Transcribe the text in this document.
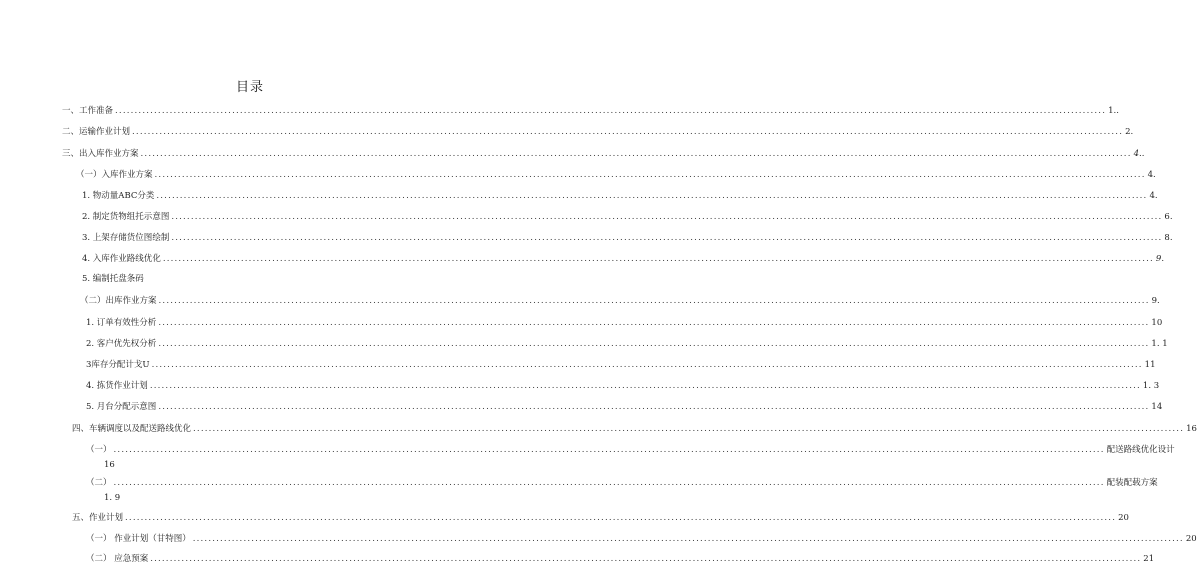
目录
一、工作准备 .............................................................................................................................................................................................................................................................. 1..
二、运输作业计划 .............................................................................................................................................................................................................................................................. 2.
三、出入库作业方案 .............................................................................................................................................................................................................................................................. 4..
（一）入库作业方案 .............................................................................................................................................................................................................................................................. 4.
1. 物动量ABC分类 .............................................................................................................................................................................................................................................................. 4.
2. 制定货物组托示意图 .............................................................................................................................................................................................................................................................. 6.
3. 上架存储货位图绘制 .............................................................................................................................................................................................................................................................. 8.
4. 入库作业路线优化 .............................................................................................................................................................................................................................................................. 9.
5. 编制托盘条码
（二）出库作业方案 .............................................................................................................................................................................................................................................................. 9.
1. 订单有效性分析 .............................................................................................................................................................................................................................................................. 10
2. 客户优先权分析 .............................................................................................................................................................................................................................................................. 1. 1
3库存分配计戈U .............................................................................................................................................................................................................................................................. 11
4. 拣货作业计划 .............................................................................................................................................................................................................................................................. 1. 3
5. 月台分配示意图 .............................................................................................................................................................................................................................................................. 14
四、车辆调度以及配送路线优化 .............................................................................................................................................................................................................................................................. 16
（一） .............................................................................................................................................................................................................................................................. 配送路线优化设计
16
（二） .............................................................................................................................................................................................................................................................. 配装配载方案
1. 9
五、作业计划 .............................................................................................................................................................................................................................................................. 20
（一） 作业计划（甘特图） .............................................................................................................................................................................................................................................................. 20
（二） 应急预案 .............................................................................................................................................................................................................................................................. 21
